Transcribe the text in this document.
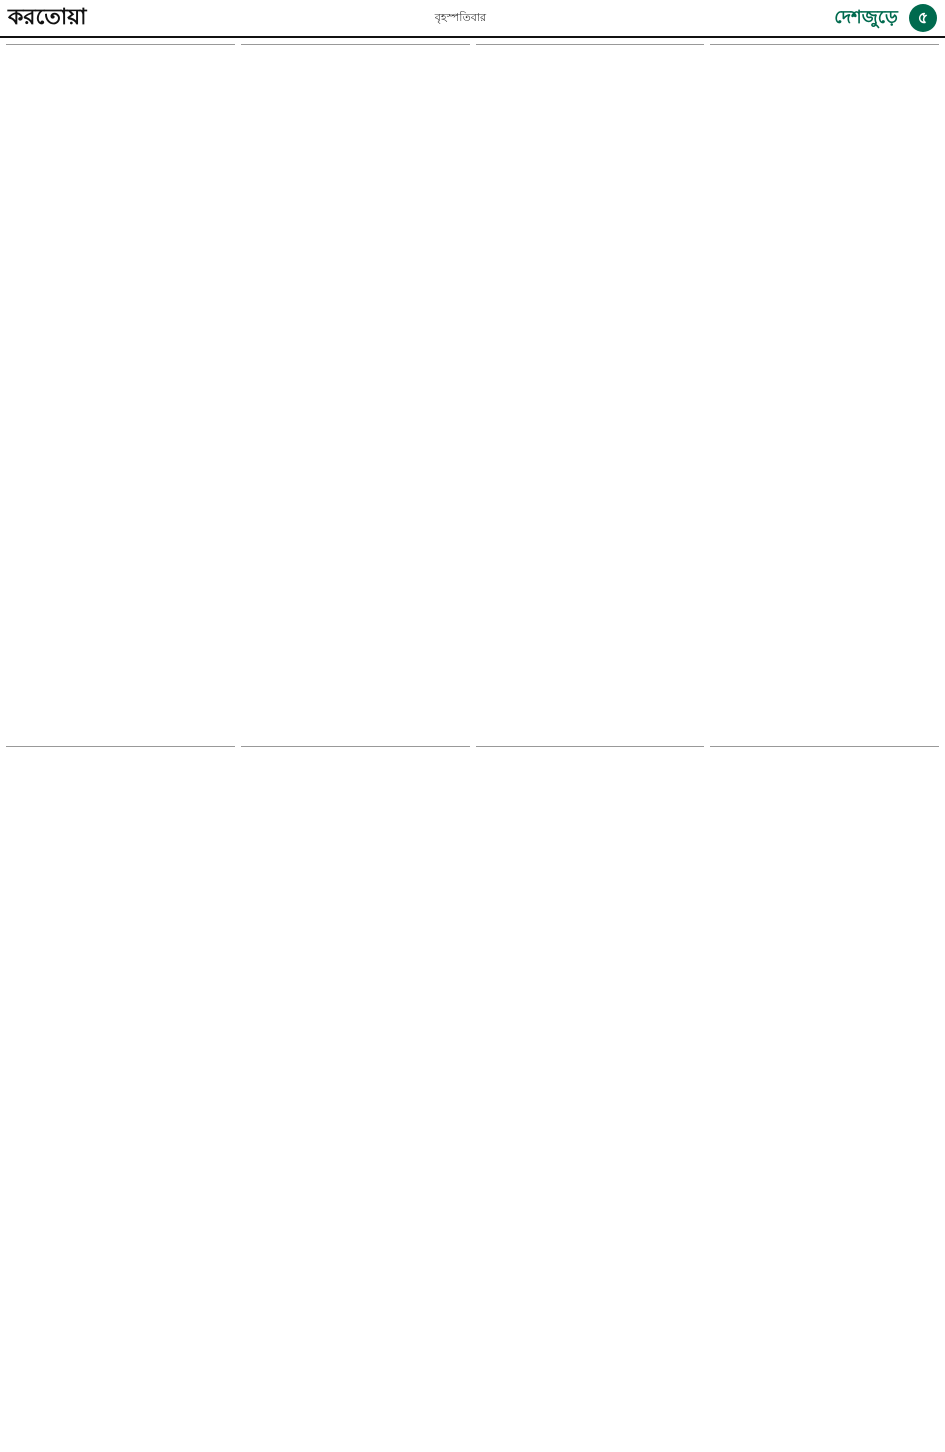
করতোয়া	বৃহস্পতিবার	দেশজুড়ে ৫
